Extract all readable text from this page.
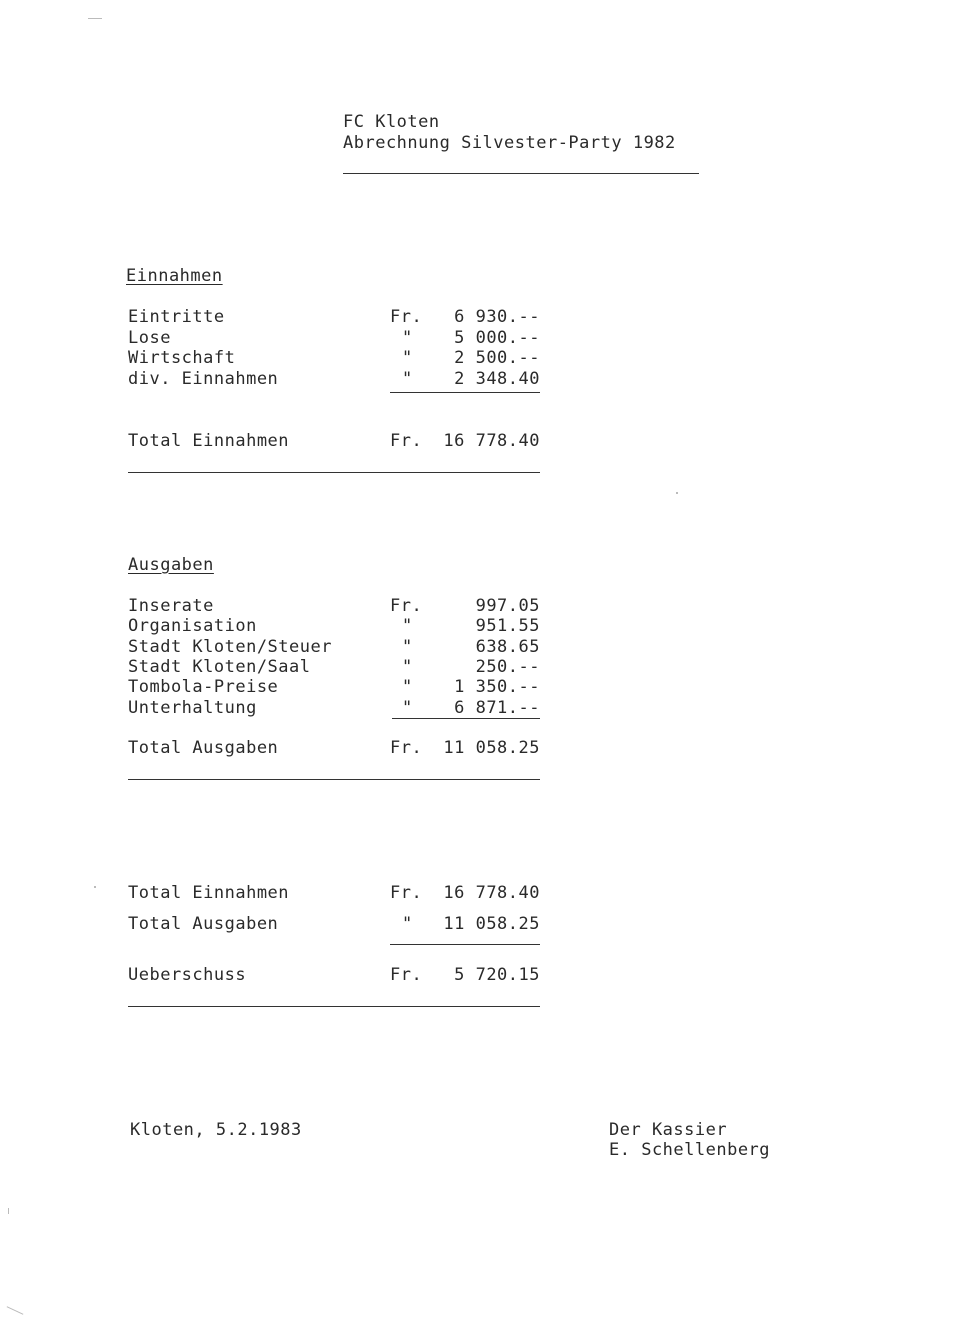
FC Kloten
Abrechnung Silvester-Party 1982
Einnahmen
Eintritte	Fr.	6 930.--
Lose	"	5 000.--
Wirtschaft	"	2 500.--
div. Einnahmen	"	2 348.40
Total Einnahmen	Fr.	16 778.40
Ausgaben
Inserate	Fr.	997.05
Organisation	"	951.55
Stadt Kloten/Steuer	"	638.65
Stadt Kloten/Saal	"	250.--
Tombola-Preise	"	1 350.--
Unterhaltung	"	6 871.--
Total Ausgaben	Fr.	11 058.25
Total Einnahmen	Fr.	16 778.40
Total Ausgaben	"	11 058.25
Ueberschuss	Fr.	5 720.15
Kloten, 5.2.1983	Der Kassier
E. Schellenberg
